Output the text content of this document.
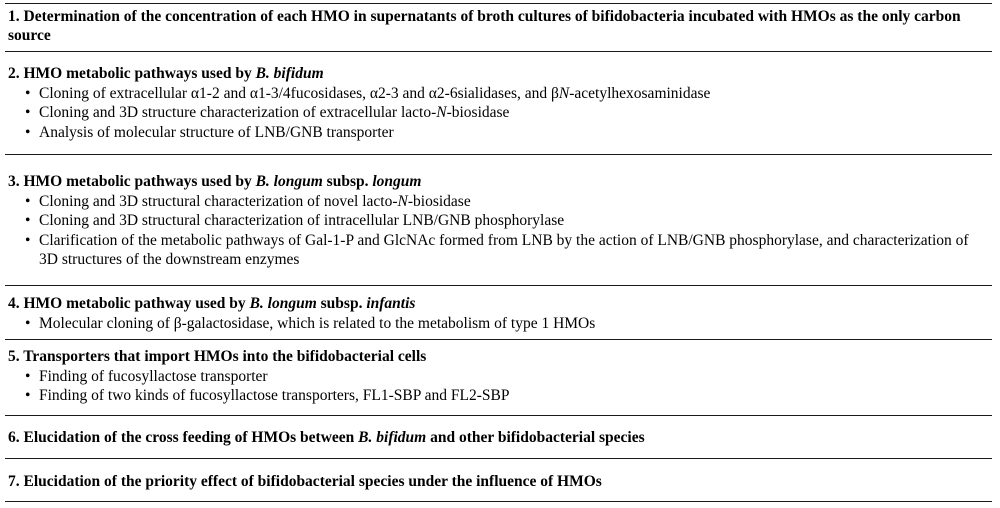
1. Determination of the concentration of each HMO in supernatants of broth cultures of bifidobacteria incubated with HMOs as the only carbon source

2. HMO metabolic pathways used by B. bifidum

• Cloning of extracellular α1-2 and α1-3/4fucosidases, α2-3 and α2-6sialidases, and βN-acetylhexosaminidase
• Cloning and 3D structure characterization of extracellular lacto-N-biosidase
• Analysis of molecular structure of LNB/GNB transporter

3. HMO metabolic pathways used by B. longum subsp. longum

• Cloning and 3D structural characterization of novel lacto-N-biosidase
• Cloning and 3D structural characterization of intracellular LNB/GNB phosphorylase
• Clarification of the metabolic pathways of Gal-1-P and GlcNAc formed from LNB by the action of LNB/GNB phosphorylase, and characterization of 3D structures of the downstream enzymes

4. HMO metabolic pathway used by B. longum subsp. infantis

• Molecular cloning of β-galactosidase, which is related to the metabolism of type 1 HMOs

5. Transporters that import HMOs into the bifidobacterial cells

• Finding of fucosyllactose transporter
• Finding of two kinds of fucosyllactose transporters, FL1-SBP and FL2-SBP

6. Elucidation of the cross feeding of HMOs between B. bifidum and other bifidobacterial species

7. Elucidation of the priority effect of bifidobacterial species under the influence of HMOs
